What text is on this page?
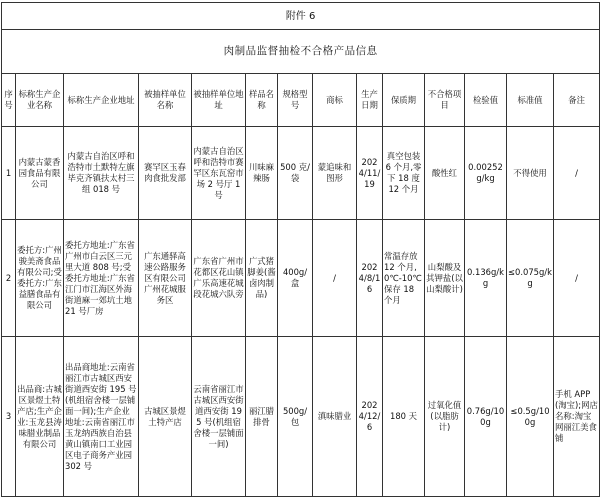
附件 6													
肉制品监督抽检不合格产品信息													
序号	标称生产企业名称	标称生产企业地址	被抽样单位名称	被抽样单位地址	样品名称	规格型号	商标	生产日期	保质期	不合格项目	检验值	标准值	备注
1	内蒙古蒙香园食品有限公司	内蒙古自治区呼和浩特市土默特左旗毕克齐镇扶太村三组 018 号	赛罕区玉春肉食批发部	内蒙古自治区呼和浩特市赛罕区东瓦窑市场 2 号厅 1 号	川味麻辣肠	500 克/袋	蒙追味和图形	2024/11/19	真空包装 6 个月,零下 18 度 12 个月	酸性红	0.00252g/kg	不得使用	/
2	委托方:广州骏美斋食品有限公司;受委托方:广东益膳食品有限公司	委托方地址:广东省广州市白云区三元里大道 808 号;受委托方地址:广东省江门市江海区外海街道麻一郊坑土地 21 号厂房	广东通驿高速公路服务区有限公司广州花城服务区	广东省广州市花都区花山镇广乐高速花城段花城六队旁	广式猪脚姜(酱卤肉制品)	400g/盒	/	2024/8/16	常温存放 12 个月,0℃-10℃保存 18 个月	山梨酸及其钾盐(以山梨酸计)	0.136g/kg	≤0.075g/kg	/
3	出品商:古城区景煜土特产店;生产企业:玉龙县涛味腊业制品有限公司	出品商地址:云南省丽江市古城区西安街道西安街 195 号(机组宿舍楼一层铺面一间);生产企业地址:云南省丽江市玉龙纳西族自治县黄山镇南口工业园区电子商务产业园 302 号	古城区景煜土特产店	云南省丽江市古城区西安街道西安街 195 号(机组宿舍楼一层铺面一间)	丽江腊排骨	500g/包	滇味腊业	2024/12/6	180 天	过氧化值(以脂肪计)	0.76g/100g	≤0.5g/100g	手机 APP(淘宝);网店名称:淘宝网丽江美食铺
